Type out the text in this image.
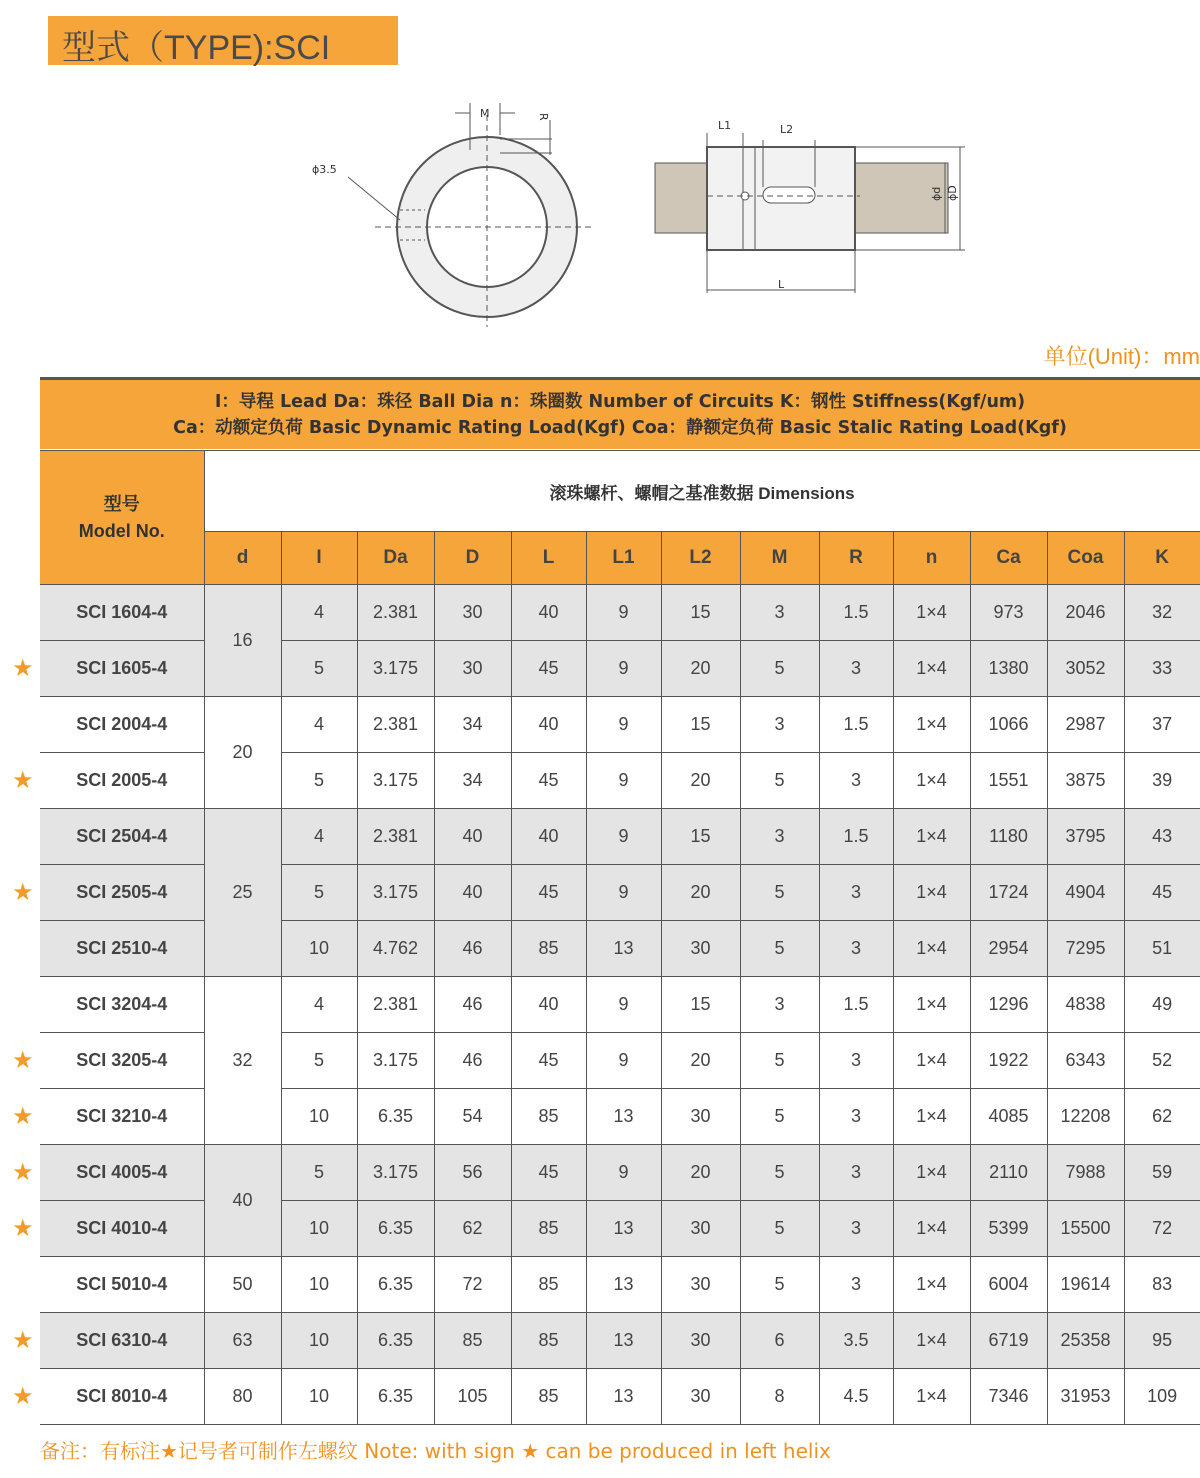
型式（TYPE):SCI
M	R
ϕ3.5
L1	L2
L
ϕd ϕD
单位(Unit)：mm
I：导程 Lead Da：珠径 Ball Dia n：珠圈数 Number of Circuits K：钢性 Stiffness(Kgf/um)
Ca：动额定负荷 Basic Dynamic Rating Load(Kgf) Coa：静额定负荷 Basic Stalic Rating Load(Kgf)
型号
Model No.	滚珠螺杆、螺帽之基准数据 Dimensions												
	d	I	Da	D	L	L1	L2	M	R	n	Ca	Coa	K
SCI 1604-4	16	4	2.381	30	40	9	15	3	1.5	1×4	973	2046	32
SCI 1605-4		5	3.175	30	45	9	20	5	3	1×4	1380	3052	33
SCI 2004-4	20	4	2.381	34	40	9	15	3	1.5	1×4	1066	2987	37
SCI 2005-4		5	3.175	34	45	9	20	5	3	1×4	1551	3875	39
SCI 2504-4	25	4	2.381	40	40	9	15	3	1.5	1×4	1180	3795	43
SCI 2505-4		5	3.175	40	45	9	20	5	3	1×4	1724	4904	45
SCI 2510-4		10	4.762	46	85	13	30	5	3	1×4	2954	7295	51
SCI 3204-4	32	4	2.381	46	40	9	15	3	1.5	1×4	1296	4838	49
SCI 3205-4		5	3.175	46	45	9	20	5	3	1×4	1922	6343	52
SCI 3210-4		10	6.35	54	85	13	30	5	3	1×4	4085	12208	62
SCI 4005-4	40	5	3.175	56	45	9	20	5	3	1×4	2110	7988	59
SCI 4010-4		10	6.35	62	85	13	30	5	3	1×4	5399	15500	72
SCI 5010-4	50	10	6.35	72	85	13	30	5	3	1×4	6004	19614	83
SCI 6310-4	63	10	6.35	85	85	13	30	6	3.5	1×4	6719	25358	95
SCI 8010-4	80	10	6.35	105	85	13	30	8	4.5	1×4	7346	31953	109
★
★
★
★
★
★
★
★
★
备注：有标注★记号者可制作左螺纹 Note: with sign ★ can be produced in left helix
